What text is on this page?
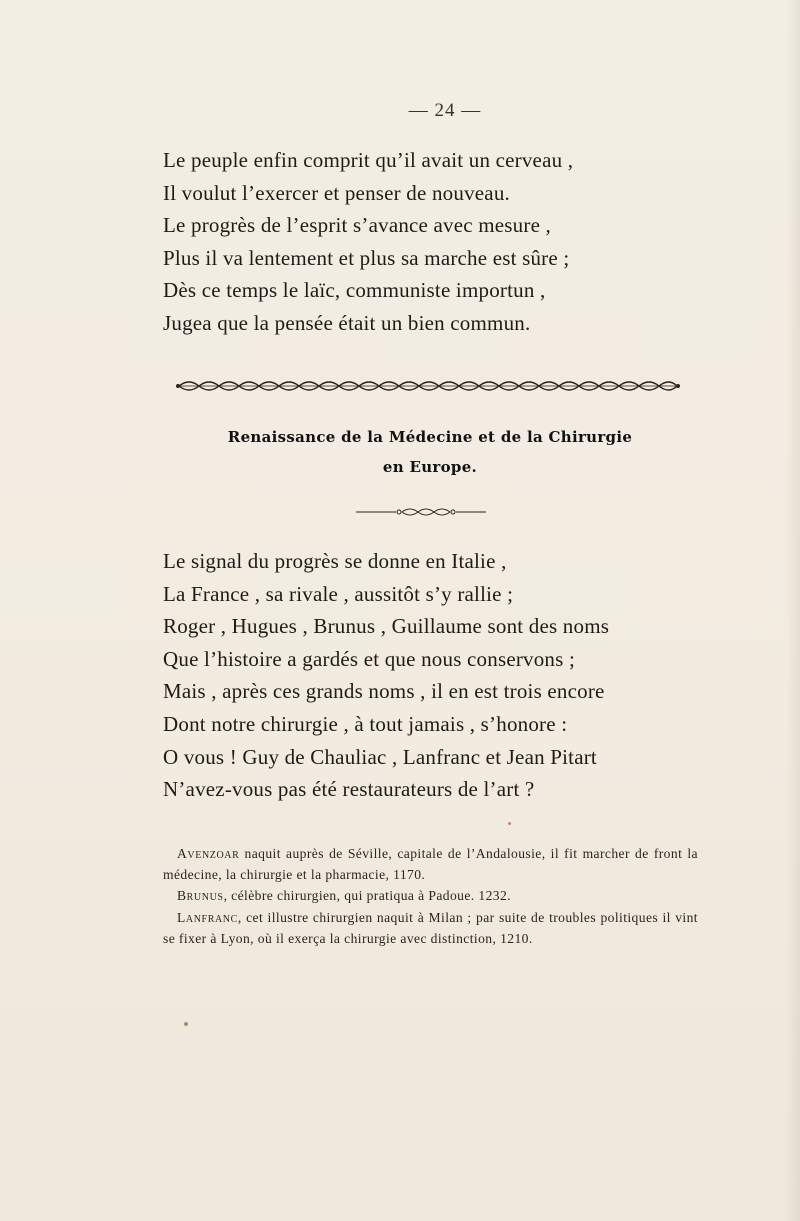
— 24 —
Le peuple enfin comprit qu’il avait un cerveau ,
Il voulut l’exercer et penser de nouveau.
Le progrès de l’esprit s’avance avec mesure ,
Plus il va lentement et plus sa marche est sûre ;
Dès ce temps le laïc, communiste importun ,
Jugea que la pensée était un bien commun.
Renaissance de la Médecine et de la Chirurgie
en Europe.
Le signal du progrès se donne en Italie ,
La France , sa rivale , aussitôt s’y rallie ;
Roger , Hugues , Brunus , Guillaume sont des noms
Que l’histoire a gardés et que nous conservons ;
Mais , après ces grands noms , il en est trois encore
Dont notre chirurgie , à tout jamais , s’honore :
O vous ! Guy de Chauliac , Lanfranc et Jean Pitart
N’avez-vous pas été restaurateurs de l’art ?
Avenzoar naquit auprès de Séville, capitale de l’Andalousie, il fit marcher de front la médecine, la chirurgie et la pharmacie, 1170.
Brunus, célèbre chirurgien, qui pratiqua à Padoue. 1232.
Lanfranc, cet illustre chirurgien naquit à Milan ; par suite de troubles politiques il vint se fixer à Lyon, où il exerça la chirurgie avec distinction, 1210.
